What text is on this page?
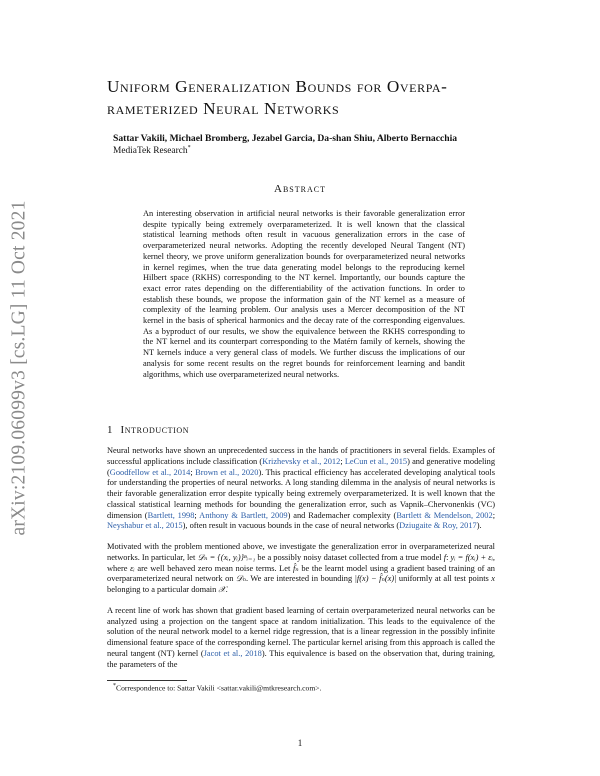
arXiv:2109.06099v3 [cs.LG] 11 Oct 2021
Uniform Generalization Bounds for Overpa-
rameterized Neural Networks
Sattar Vakili, Michael Bromberg, Jezabel Garcia, Da-shan Shiu, Alberto Bernacchia
MediaTek Research*
Abstract
An interesting observation in artificial neural networks is their favorable generalization error despite typically being extremely overparameterized. It is well known that the classical statistical learning methods often result in vacuous generalization errors in the case of overparameterized neural networks. Adopting the recently developed Neural Tangent (NT) kernel theory, we prove uniform generalization bounds for overparameterized neural networks in kernel regimes, when the true data generating model belongs to the reproducing kernel Hilbert space (RKHS) corresponding to the NT kernel. Importantly, our bounds capture the exact error rates depending on the differentiability of the activation functions. In order to establish these bounds, we propose the information gain of the NT kernel as a measure of complexity of the learning problem. Our analysis uses a Mercer decomposition of the NT kernel in the basis of spherical harmonics and the decay rate of the corresponding eigenvalues. As a byproduct of our results, we show the equivalence between the RKHS corresponding to the NT kernel and its counterpart corresponding to the Matérn family of kernels, showing the NT kernels induce a very general class of models. We further discuss the implications of our analysis for some recent results on the regret bounds for reinforcement learning and bandit algorithms, which use overparameterized neural networks.
1 Introduction

Neural networks have shown an unprecedented success in the hands of practitioners in several fields. Examples of successful applications include classification (Krizhevsky et al., 2012; LeCun et al., 2015) and generative modeling (Goodfellow et al., 2014; Brown et al., 2020). This practical efficiency has accelerated developing analytical tools for understanding the properties of neural networks. A long standing dilemma in the analysis of neural networks is their favorable generalization error despite typically being extremely overparameterized. It is well known that the classical statistical learning methods for bounding the generalization error, such as Vapnik–Chervonenkis (VC) dimension (Bartlett, 1998; Anthony & Bartlett, 2009) and Rademacher complexity (Bartlett & Mendelson, 2002; Neyshabur et al., 2015), often result in vacuous bounds in the case of neural networks (Dziugaite & Roy, 2017).

Motivated with the problem mentioned above, we investigate the generalization error in overparameterized neural networks. In particular, let 𝒟ₙ = {(xᵢ, yᵢ)}ⁿᵢ₌₁ be a possibly noisy dataset collected from a true model f: yᵢ = f(xᵢ) + εᵢ, where εᵢ are well behaved zero mean noise terms. Let f̂ₙ be the learnt model using a gradient based training of an overparameterized neural network on 𝒟ₙ. We are interested in bounding |f(x) − f̂ₙ(x)| uniformly at all test points x belonging to a particular domain 𝒳.

A recent line of work has shown that gradient based learning of certain overparameterized neural networks can be analyzed using a projection on the tangent space at random initialization. This leads to the equivalence of the solution of the neural network model to a kernel ridge regression, that is a linear regression in the possibly infinite dimensional feature space of the corresponding kernel. The particular kernel arising from this approach is called the neural tangent (NT) kernel (Jacot et al., 2018). This equivalence is based on the observation that, during training, the parameters of the

*Correspondence to: Sattar Vakili <sattar.vakili@mtkresearch.com>.
1
